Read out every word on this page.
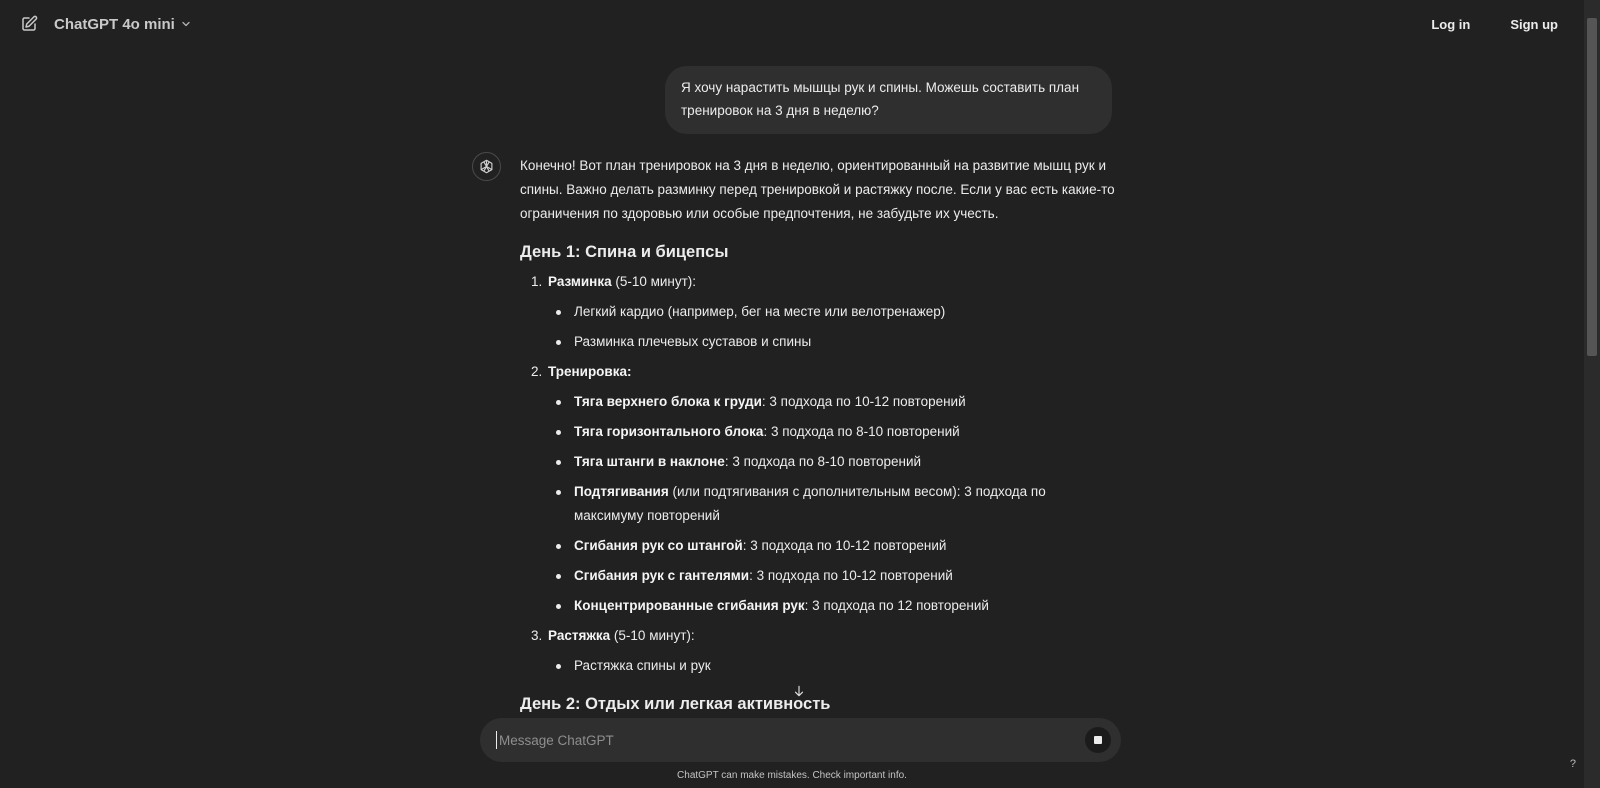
ChatGPT 4o mini	Log in	Sign up
Я хочу нарастить мышцы рук и спины. Можешь составить план тренировок на 3 дня в неделю?

Конечно! Вот план тренировок на 3 дня в неделю, ориентированный на развитие мышц рук и спины. Важно делать разминку перед тренировкой и растяжку после. Если у вас есть какие-то ограничения по здоровью или особые предпочтения, не забудьте их учесть.

День 1: Спина и бицепсы
1. Разминка (5-10 минут):
Легкий кардио (например, бег на месте или велотренажер)
Разминка плечевых суставов и спины
2. Тренировка:
Тяга верхнего блока к груди: 3 подхода по 10-12 повторений
Тяга горизонтального блока: 3 подхода по 8-10 повторений
Тяга штанги в наклоне: 3 подхода по 8-10 повторений
Подтягивания (или подтягивания с дополнительным весом): 3 подхода по максимуму повторений
Сгибания рук со штангой: 3 подхода по 10-12 повторений
Сгибания рук с гантелями: 3 подхода по 10-12 повторений
Концентрированные сгибания рук: 3 подхода по 12 повторений
3. Растяжка (5-10 минут):
Растяжка спины и рук
День 2: Отдых или легкая активность
Message ChatGPT
ChatGPT can make mistakes. Check important info.
?
